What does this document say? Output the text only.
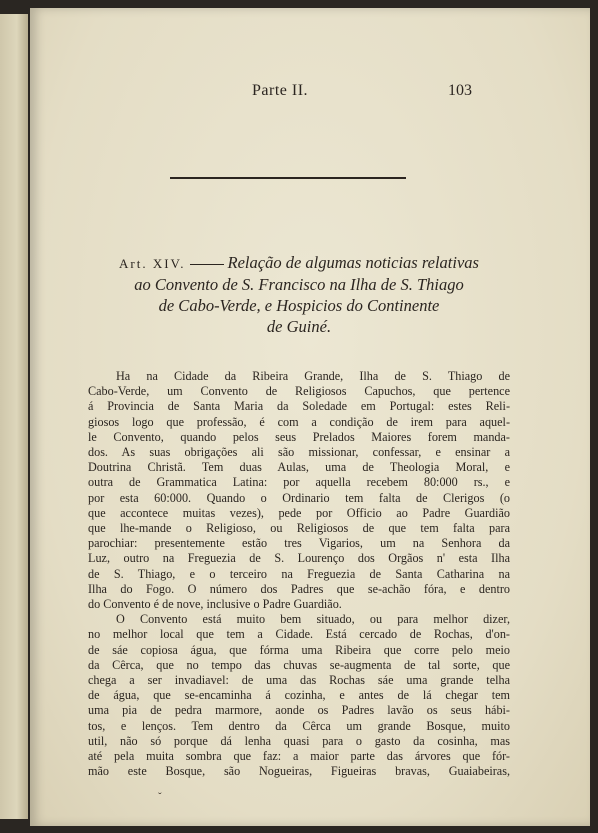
Parte II.	103
Art. XIV.	Relação de algumas noticias relativas
ao Convento de S. Francisco na Ilha de S. Thiago
de Cabo-Verde, e Hospicios do Continente
de Guiné.
Ha na Cidade da Ribeira Grande, Ilha de S. Thiago de
Cabo-Verde, um Convento de Religiosos Capuchos, que pertence
á Provincia de Santa Maria da Soledade em Portugal: estes Reli-
giosos logo que professão, é com a condição de irem para aquel-
le Convento, quando pelos seus Prelados Maiores forem manda-
dos. As suas obrigações ali são missionar, confessar, e ensinar a
Doutrina Christã. Tem duas Aulas, uma de Theologia Moral, e
outra de Grammatica Latina: por aquella recebem 80:000 rs., e
por esta 60:000. Quando o Ordinario tem falta de Clerigos (o
que accontece muitas vezes), pede por Officio ao Padre Guardião
que lhe-mande o Religioso, ou Religiosos de que tem falta para
parochiar: presentemente estão tres Vigarios, um na Senhora da
Luz, outro na Freguezia de S. Lourenço dos Orgãos n' esta Ilha
de S. Thiago, e o terceiro na Freguezia de Santa Catharina na
Ilha do Fogo. O número dos Padres que se-achão fóra, e dentro
do Convento é de nove, inclusive o Padre Guardião.
O Convento está muito bem situado, ou para melhor dizer,
no melhor local que tem a Cidade. Está cercado de Rochas, d'on-
de sáe copiosa água, que fórma uma Ribeira que corre pelo meio
da Cêrca, que no tempo das chuvas se-augmenta de tal sorte, que
chega a ser invadiavel: de uma das Rochas sáe uma grande telha
de água, que se-encaminha á cozinha, e antes de lá chegar tem
uma pia de pedra marmore, aonde os Padres lavão os seus hábi-
tos, e lenços. Tem dentro da Cêrca um grande Bosque, muito
util, não só porque dá lenha quasi para o gasto da cosinha, mas
até pela muita sombra que faz: a maior parte das árvores que fór-
mão este Bosque, são Nogueiras, Figueiras bravas, Guaiabeiras,
ˇ
